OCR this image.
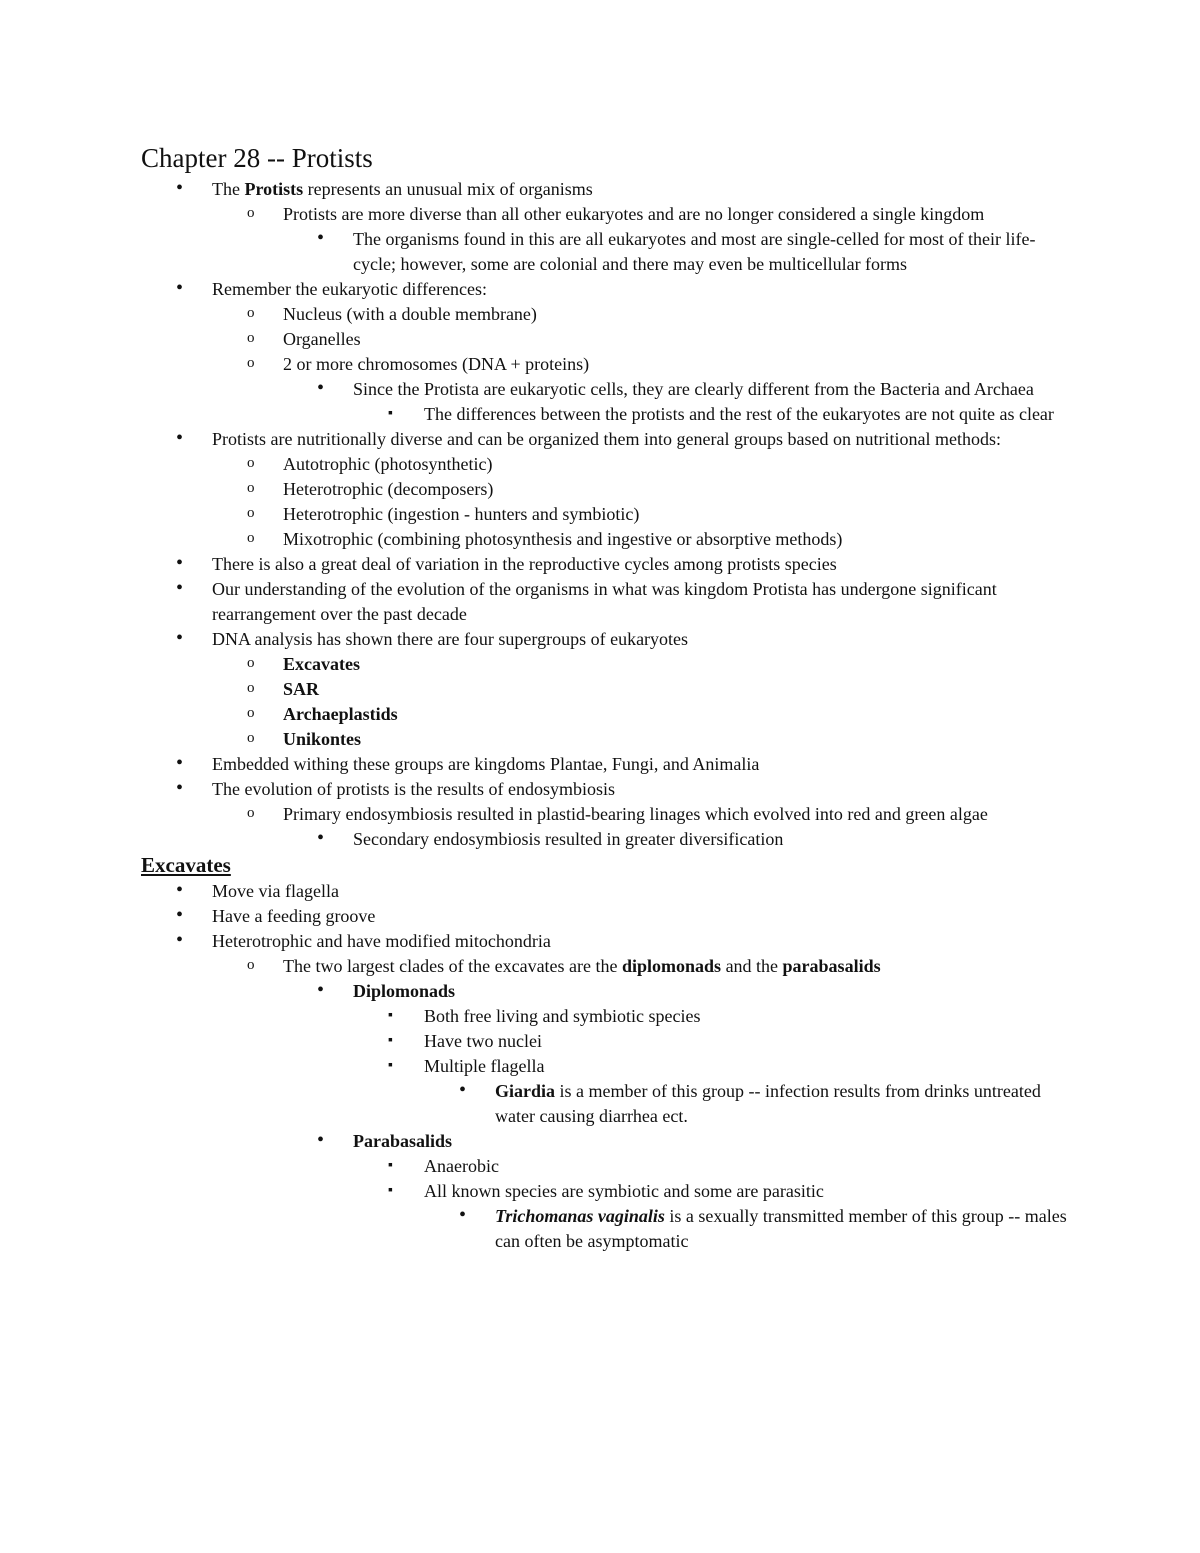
Chapter 28 -- Protists
•
The Protists represents an unusual mix of organisms
o
Protists are more diverse than all other eukaryotes and are no longer considered a single kingdom
•
The organisms found in this are all eukaryotes and most are single-celled for most of their life-cycle; however, some are colonial and there may even be multicellular forms
•
Remember the eukaryotic differences:
o
Nucleus (with a double membrane)
o
Organelles
o
2 or more chromosomes (DNA + proteins)
•
Since the Protista are eukaryotic cells, they are clearly different from the Bacteria and Archaea
▪
The differences between the protists and the rest of the eukaryotes are not quite as clear
•
Protists are nutritionally diverse and can be organized them into general groups based on nutritional methods:
o
Autotrophic (photosynthetic)
o
Heterotrophic (decomposers)
o
Heterotrophic (ingestion - hunters and symbiotic)
o
Mixotrophic (combining photosynthesis and ingestive or absorptive methods)
•
There is also a great deal of variation in the reproductive cycles among protists species
•
Our understanding of the evolution of the organisms in what was kingdom Protista has undergone significant rearrangement over the past decade
•
DNA analysis has shown there are four supergroups of eukaryotes
o
Excavates
o
SAR
o
Archaeplastids
o
Unikontes
•
Embedded withing these groups are kingdoms Plantae, Fungi, and Animalia
•
The evolution of protists is the results of endosymbiosis
o
Primary endosymbiosis resulted in plastid-bearing linages which evolved into red and green algae
•
Secondary endosymbiosis resulted in greater diversification
Excavates
•
Move via flagella
•
Have a feeding groove
•
Heterotrophic and have modified mitochondria
o
The two largest clades of the excavates are the diplomonads and the parabasalids
•
Diplomonads
▪
Both free living and symbiotic species
▪
Have two nuclei
▪
Multiple flagella
•
Giardia is a member of this group -- infection results from drinks untreated water causing diarrhea ect.
•
Parabasalids
▪
Anaerobic
▪
All known species are symbiotic and some are parasitic
•
Trichomanas vaginalis is a sexually transmitted member of this group -- males can often be asymptomatic
